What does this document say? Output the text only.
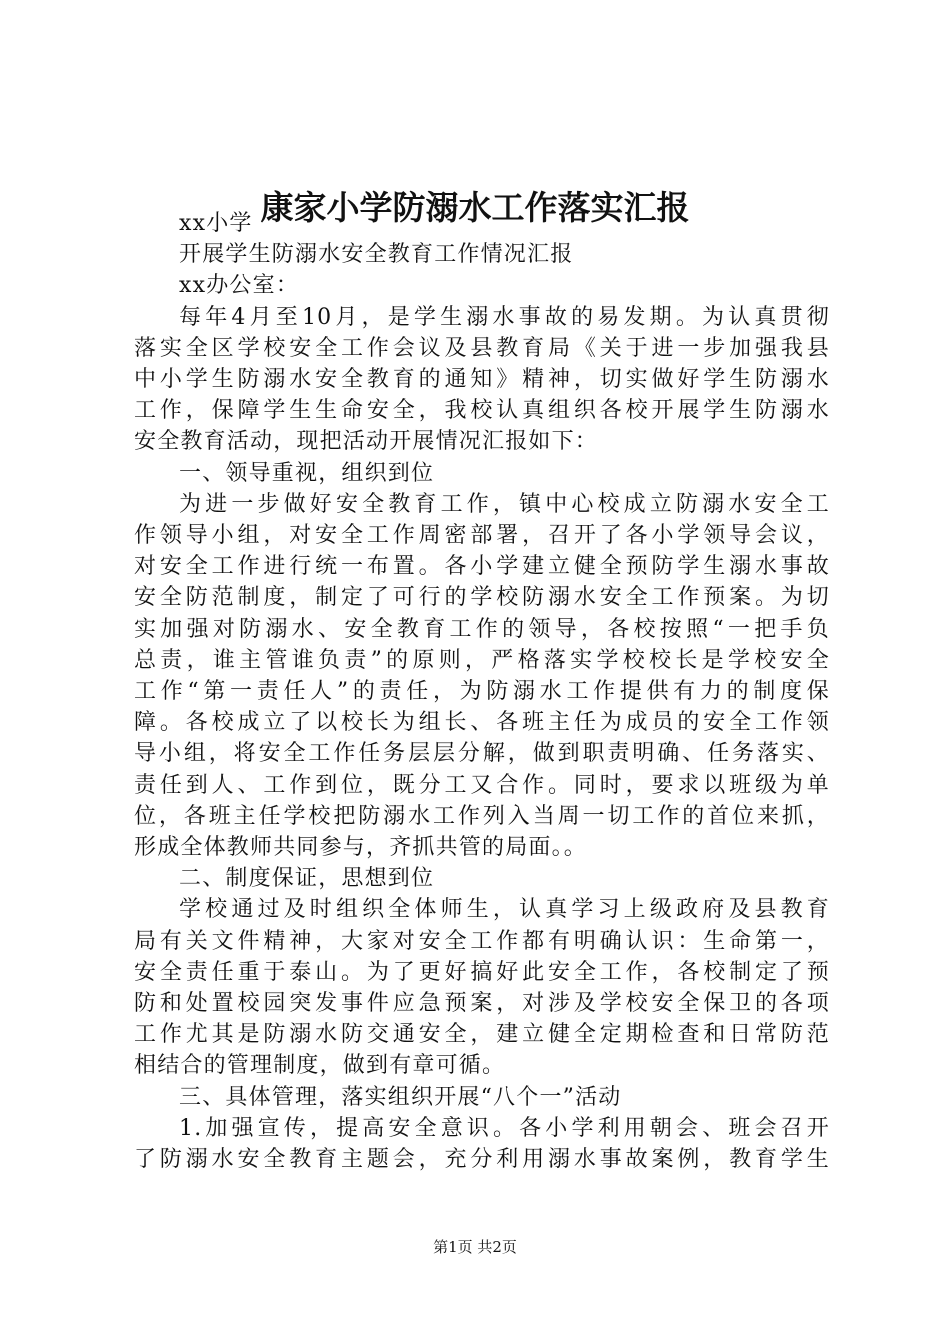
康家小学防溺水工作落实汇报
xx小学
开展学生防溺水安全教育工作情况汇报
xx办公室：
每年4月至10月，是学生溺水事故的易发期。为认真贯彻
落实全区学校安全工作会议及县教育局《关于进一步加强我县
中小学生防溺水安全教育的通知》精神，切实做好学生防溺水
工作，保障学生生命安全，我校认真组织各校开展学生防溺水
安全教育活动，现把活动开展情况汇报如下：
一、领导重视，组织到位
为进一步做好安全教育工作，镇中心校成立防溺水安全工
作领导小组，对安全工作周密部署，召开了各小学领导会议，
对安全工作进行统一布置。各小学建立健全预防学生溺水事故
安全防范制度，制定了可行的学校防溺水安全工作预案。为切
实加强对防溺水、安全教育工作的领导，各校按照“一把手负
总责，谁主管谁负责”的原则，严格落实学校校长是学校安全
工作“第一责任人”的责任，为防溺水工作提供有力的制度保
障。各校成立了以校长为组长、各班主任为成员的安全工作领
导小组，将安全工作任务层层分解，做到职责明确、任务落实、
责任到人、工作到位，既分工又合作。同时，要求以班级为单
位，各班主任学校把防溺水工作列入当周一切工作的首位来抓，
形成全体教师共同参与，齐抓共管的局面。。
二、制度保证，思想到位
学校通过及时组织全体师生，认真学习上级政府及县教育
局有关文件精神，大家对安全工作都有明确认识：生命第一，
安全责任重于泰山。为了更好搞好此安全工作，各校制定了预
防和处置校园突发事件应急预案，对涉及学校安全保卫的各项
工作尤其是防溺水防交通安全，建立健全定期检查和日常防范
相结合的管理制度，做到有章可循。
三、具体管理，落实组织开展“八个一”活动
1.加强宣传，提高安全意识。各小学利用朝会、班会召开
了防溺水安全教育主题会，充分利用溺水事故案例，教育学生
第1页 共2页
